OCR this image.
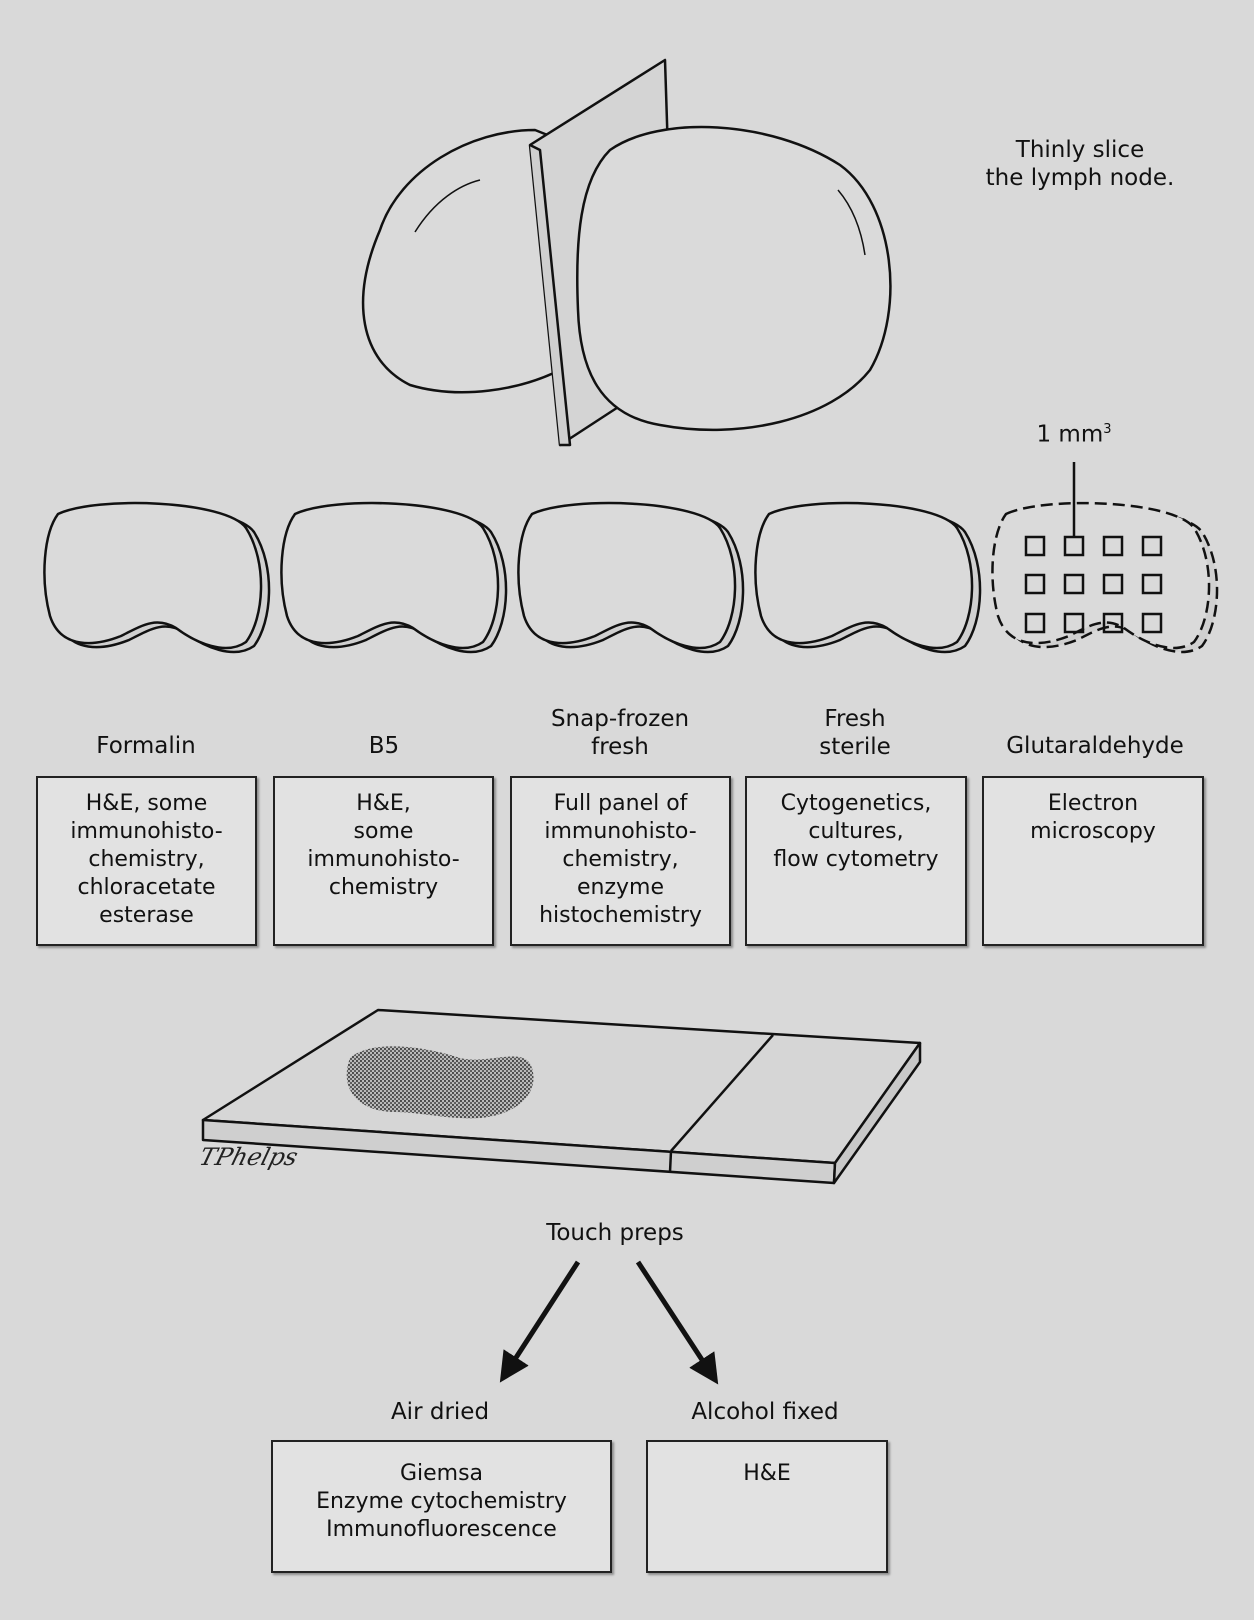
Thinly slice
the lymph node.
1 $mm^3$
Formalin	B5
Snap-frozen
fresh
Fresh
sterile	Glutaraldehyde
H&E, some
immunohisto-
chemistry,
chloracetate
esterase
H&E,
some
immunohisto-
chemistry
Full panel of
immunohisto-
chemistry,
enzyme
histochemistry
Cytogenetics,
cultures,
flow cytometry
Electron
microscopy
TPhelps
Touch preps
Air dried	Alcohol fixed
Giemsa
Enzyme cytochemistry
Immunofluorescence
H&E
